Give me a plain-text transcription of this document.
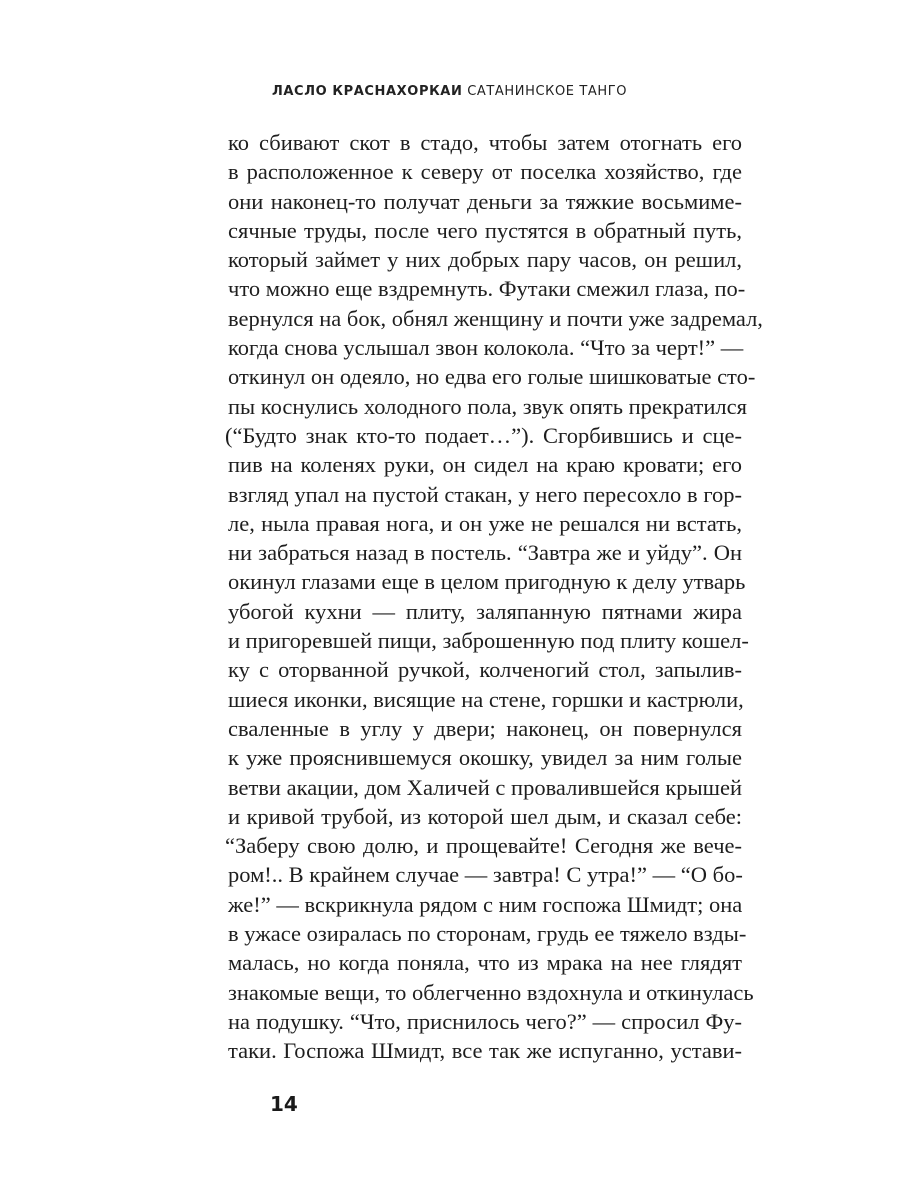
ЛАСЛО КРАСНАХОРКАИ САТАНИНСКОЕ ТАНГО
ко сбивают скот в стадо, чтобы затем отогнать его
в расположенное к северу от поселка хозяйство, где
они наконец-то получат деньги за тяжкие восьмиме-
сячные труды, после чего пустятся в обратный путь,
который займет у них добрых пару часов, он решил,
что можно еще вздремнуть. Футаки смежил глаза, по-
вернулся на бок, обнял женщину и почти уже задремал,
когда снова услышал звон колокола. “Что за черт!” —
откинул он одеяло, но едва его голые шишковатые сто-
пы коснулись холодного пола, звук опять прекратился
(“Будто знак кто-то подает…”). Сгорбившись и сце-
пив на коленях руки, он сидел на краю кровати; его
взгляд упал на пустой стакан, у него пересохло в гор-
ле, ныла правая нога, и он уже не решался ни встать,
ни забраться назад в постель. “Завтра же и уйду”. Он
окинул глазами еще в целом пригодную к делу утварь
убогой кухни — плиту, заляпанную пятнами жира
и пригоревшей пищи, заброшенную под плиту кошел-
ку с оторванной ручкой, колченогий стол, запылив-
шиеся иконки, висящие на стене, горшки и кастрюли,
сваленные в углу у двери; наконец, он повернулся
к уже прояснившемуся окошку, увидел за ним голые
ветви акации, дом Халичей с провалившейся крышей
и кривой трубой, из которой шел дым, и сказал себе:
“Заберу свою долю, и прощевайте! Сегодня же вече-
ром!.. В крайнем случае — завтра! С утра!” — “О бо-
же!” — вскрикнула рядом с ним госпожа Шмидт; она
в ужасе озиралась по сторонам, грудь ее тяжело взды-
малась, но когда поняла, что из мрака на нее глядят
знакомые вещи, то облегченно вздохнула и откинулась
на подушку. “Что, приснилось чего?” — спросил Фу-
таки. Госпожа Шмидт, все так же испуганно, устави-
14
